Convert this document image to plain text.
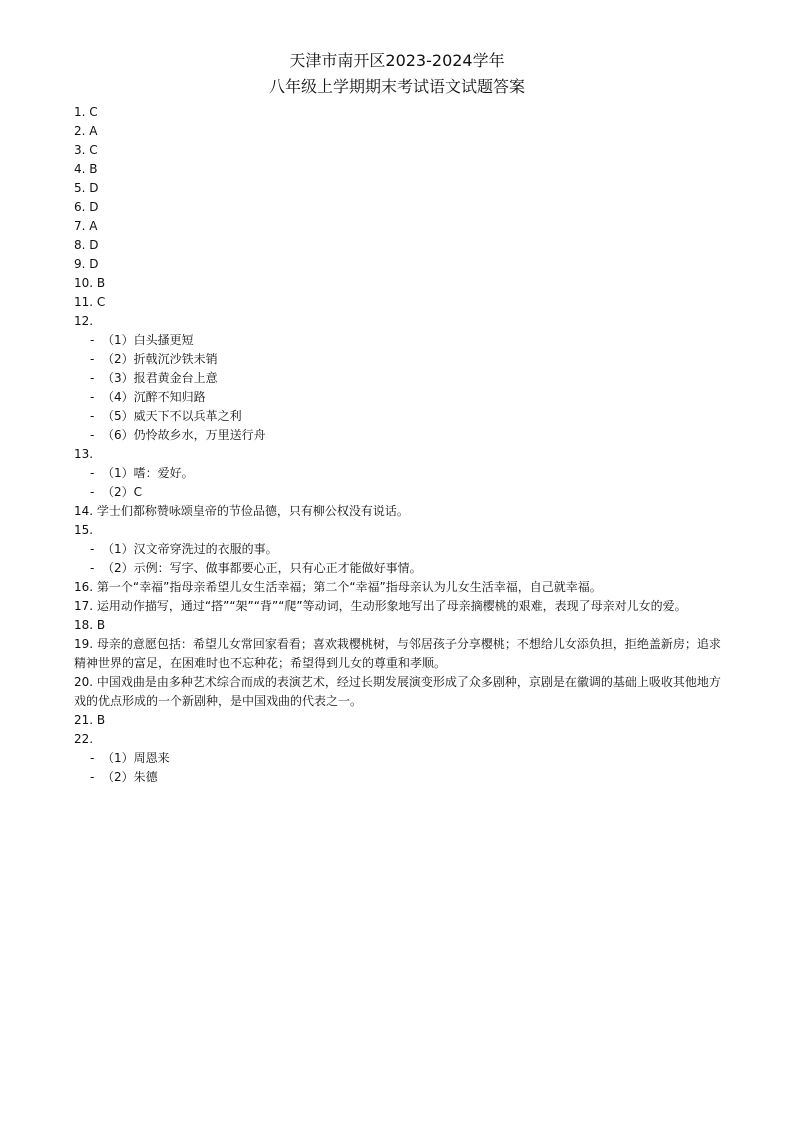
天津市南开区2023-2024学年
八年级上学期期末考试语文试题答案
1. C
2. A
3. C
4. B
5. D
6. D
7. A
8. D
9. D
10. B
11. C
12.
- （1）白头搔更短
- （2）折戟沉沙铁未销
- （3）报君黄金台上意
- （4）沉醉不知归路
- （5）威天下不以兵革之利
- （6）仍怜故乡水，万里送行舟
13.
- （1）嗜：爱好。
- （2）C
14. 学士们都称赞咏颂皇帝的节俭品德，只有柳公权没有说话。
15.
- （1）汉文帝穿洗过的衣服的事。
- （2）示例：写字、做事都要心正，只有心正才能做好事情。
16. 第一个“幸福”指母亲希望儿女生活幸福；第二个“幸福”指母亲认为儿女生活幸福，自己就幸福。
17. 运用动作描写，通过“搭”“架”“背”“爬”等动词，生动形象地写出了母亲摘樱桃的艰难，表现了母亲对儿女的爱。
18. B
19. 母亲的意愿包括：希望儿女常回家看看；喜欢栽樱桃树，与邻居孩子分享樱桃；不想给儿女添负担，拒绝盖新房；追求精神世界的富足，在困难时也不忘种花；希望得到儿女的尊重和孝顺。
20. 中国戏曲是由多种艺术综合而成的表演艺术，经过长期发展演变形成了众多剧种，京剧是在徽调的基础上吸收其他地方戏的优点形成的一个新剧种，是中国戏曲的代表之一。
21. B
22.
- （1）周恩来
- （2）朱德
